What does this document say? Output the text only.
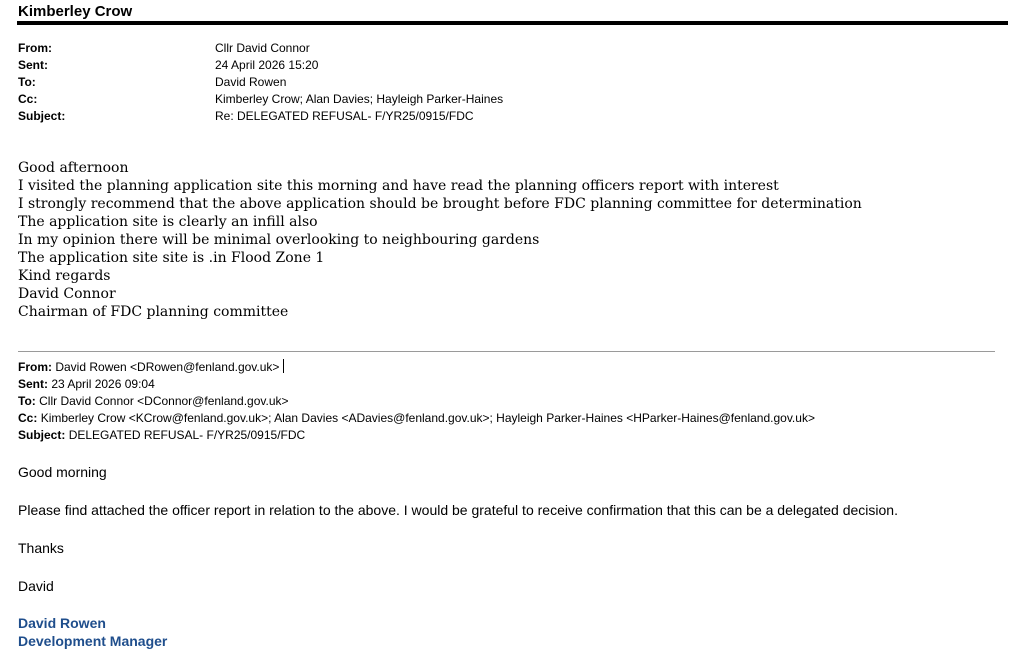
Kimberley Crow
From:	Cllr David Connor
Sent:	24 April 2026 15:20
To:	David Rowen
Cc:	Kimberley Crow; Alan Davies; Hayleigh Parker-Haines
Subject:	Re: DELEGATED REFUSAL- F/YR25/0915/FDC
Good afternoon
I visited the planning application site this morning and have read the planning officers report with interest
I strongly recommend that the above application should be brought before FDC planning committee for determination
The application site is clearly an infill also
In my opinion there will be minimal overlooking to neighbouring gardens
The application site site is .in Flood Zone 1
Kind regards
David Connor
Chairman of FDC planning committee
From: David Rowen <DRowen@fenland.gov.uk>
Sent: 23 April 2026 09:04
To: Cllr David Connor <DConnor@fenland.gov.uk>
Cc: Kimberley Crow <KCrow@fenland.gov.uk>; Alan Davies <ADavies@fenland.gov.uk>; Hayleigh Parker-Haines <HParker-Haines@fenland.gov.uk>
Subject: DELEGATED REFUSAL- F/YR25/0915/FDC
Good morning
Please find attached the officer report in relation to the above. I would be grateful to receive confirmation that this can be a delegated decision.
Thanks
David
David Rowen
Development Manager
